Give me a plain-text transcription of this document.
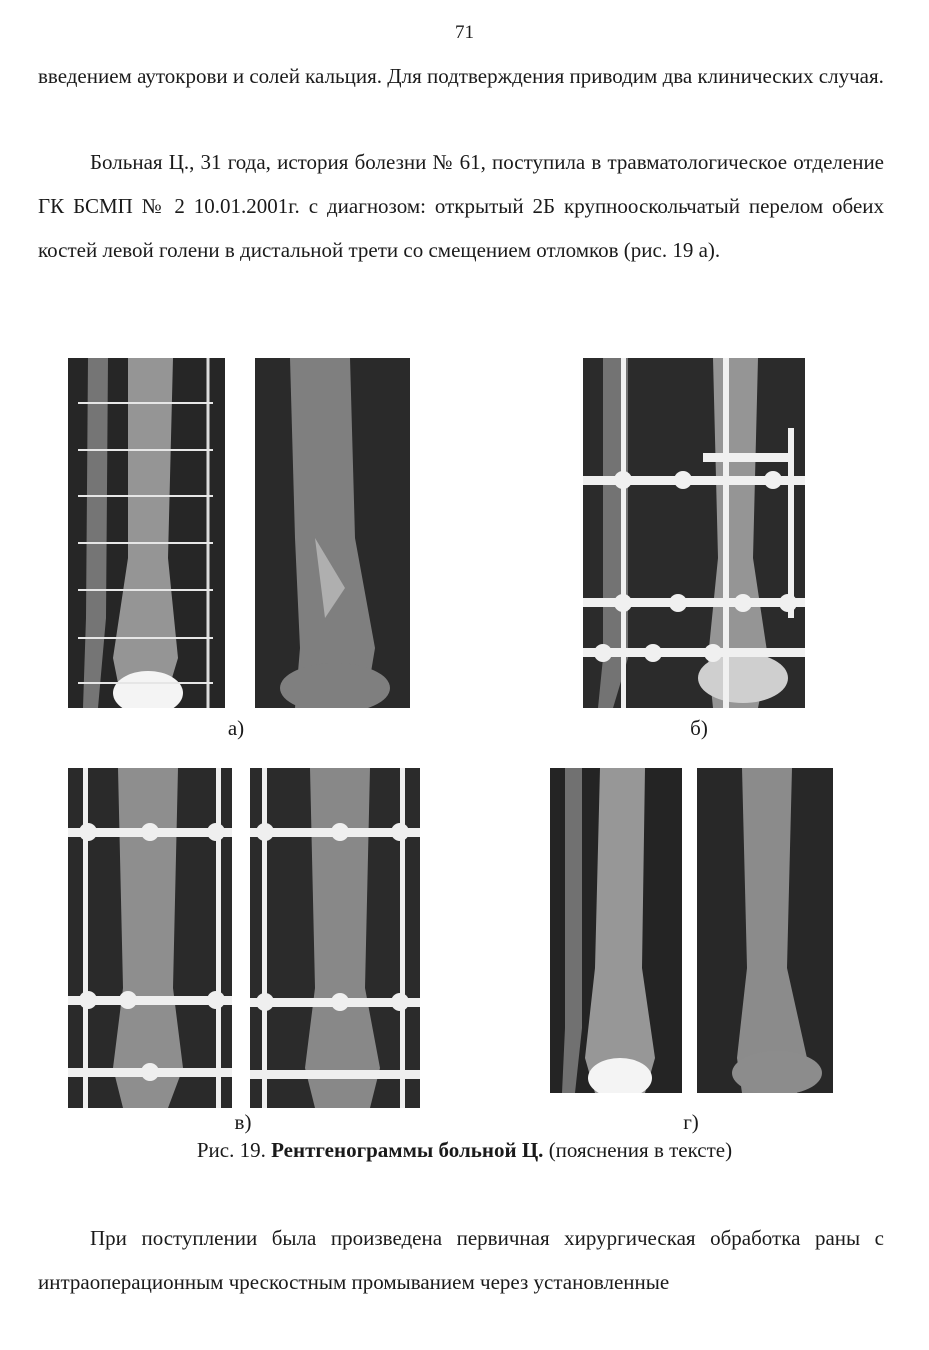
71

введением аутокрови и солей кальция. Для подтверждения приводим два клинических случая.

Больная Ц., 31 года, история болезни № 61, поступила в травматологическое отделение ГК БСМП № 2 10.01.2001г. с диагнозом: открытый 2Б крупнооскольчатый перелом обеих костей левой голени в дистальной трети со смещением отломков (рис. 19 а).

а)	б)
в)	г)
Рис. 19. Рентгенограммы больной Ц. (пояснения в тексте)

При поступлении была произведена первичная хирургическая обработка раны с интраоперационным чрескостным промыванием через установленные
